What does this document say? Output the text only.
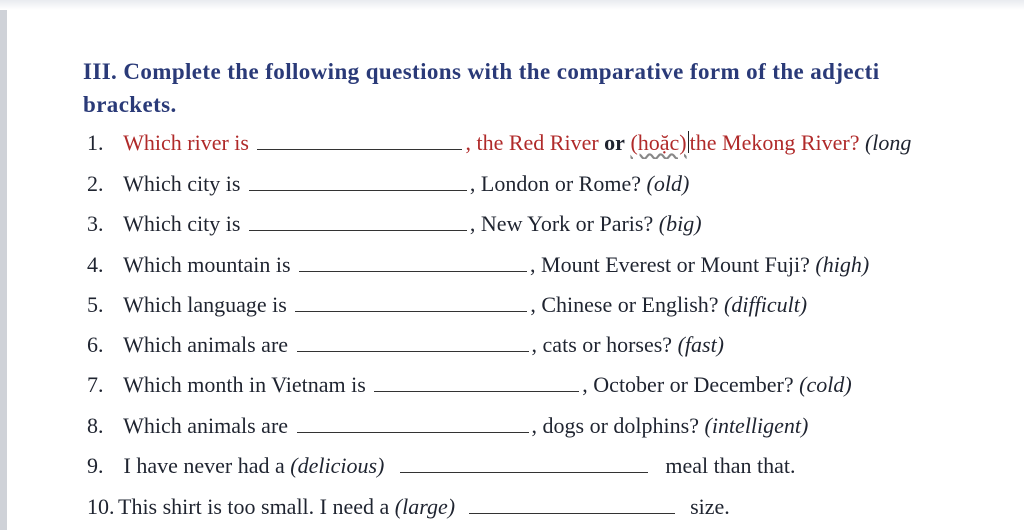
III. Complete the following questions with the comparative form of the adjecti
brackets.
1. Which river is	, the Red River or (hoặc) the Mekong River? (long
2. Which city is	, London or Rome? (old)
3. Which city is	, New York or Paris? (big)
4. Which mountain is	, Mount Everest or Mount Fuji? (high)
5. Which language is	, Chinese or English? (difficult)
6. Which animals are	, cats or horses? (fast)
7. Which month in Vietnam is	, October or December? (cold)
8. Which animals are	, dogs or dolphins? (intelligent)
9. I have never had a (delicious)	meal than that.
10. This shirt is too small. I need a (large)	size.
